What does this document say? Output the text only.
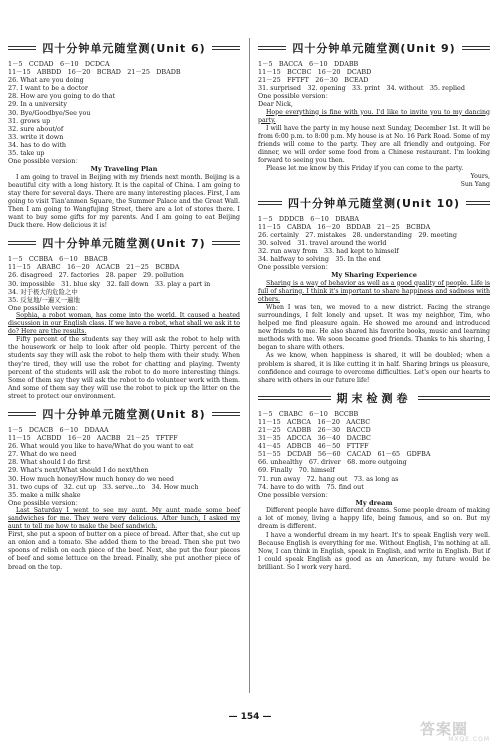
四十分钟单元随堂测(Unit 6)
1－5　CCDAD　6－10　DCDCA
11－15　ABBDD　16－20　BCBAD　21－25　DBADB
26. What are you doing
27. I want to be a doctor
28. How are you going to do that
29. In a university
30. Bye/Goodbye/See you
31. grows up
32. sure about/of
33. write it down
34. has to do with
35. take up
One possible version：
My Traveling Plan
I am going to travel in Beijing with my friends next month. Beijing is a beautiful city with a long history. It is the capital of China. I am going to stay there for several days. There are many interesting places. First, I am going to visit Tian'anmen Square, the Summer Palace and the Great Wall. Then I am going to Wangfujing Street, there are a lot of stores there. I want to buy some gifts for my parents. And I am going to eat Beijing Duck there. How delicious it is!
四十分钟单元随堂测(Unit 7)
1－5　CCBBA　6－10　BBACB
11－15　ABABC　16－20　ACACB　21－25　BCBDA
26. disagreed　27. factories　28. paper　29. pollution
30. impossible　31. blue sky　32. fall down　33. play a part in
34. 对于极大的危险之中
35. 反复地/一遍又一遍地
One possible version：
Sophia, a robot woman, has come into the world. It caused a heated discussion in our English class. If we have a robot, what shall we ask it to do? Here are the results.
Fifty percent of the students say they will ask the robot to help with the housework or help to look after old people. Thirty percent of the students say they will ask the robot to help them with their study. When they're tired, they will use the robot for chatting and playing. Twenty percent of the students will ask the robot to do more interesting things. Some of them say they will ask the robot to do volunteer work with them. And some of them say they will use the robot to pick up the litter on the street to protect our environment.
四十分钟单元随堂测(Unit 8)
1－5　DCACB　6－10　DDAAA
11－15　ACBDD　16－20　AACBB　21－25　TFTFF
26. What would you like to have/What do you want to eat
27. What do we need
28. What should I do first
29. What's next/What should I do next/then
30. How much honey/How much honey do we need
31. two cups of　32. cut up　33. serve...to　34. How much
35. make a milk shake
One possible version：
Last Saturday I went to see my aunt. My aunt made some beef sandwiches for me. They were very delicious. After lunch, I asked my aunt to tell me how to make the beef sandwich.
First, she put a spoon of butter on a piece of bread. After that, she cut up an onion and a tomato. She added them to the bread. Then she put two spoons of relish on each piece of the beef. Next, she put the four pieces of beef and some lettuce on the bread. Finally, she put another piece of bread on the top.
四十分钟单元随堂测(Unit 9)
1－5　BACCA　6－10　DDABB
11－15　BCCBC　16－20　DCABD
21－25　FFTFT　26－30　BCEAD
31. surprised　32. opening　33. print　34. without　35. replied
One possible version：
Dear Nick,
Hope everything is fine with you. I'd like to invite you to my dancing party.
I will have the party in my house next Sunday, December 1st. It will be from 6:00 p.m. to 8:00 p.m. My house is at No. 16 Park Road. Some of my friends will come to the party. They are all friendly and outgoing. For dinner, we will order some food from a Chinese restaurant. I'm looking forward to seeing you then.
Please let me know by this Friday if you can come to the party.
Yours,
Sun Yang
四十分钟单元随堂测(Unit 10)
1－5　DDDCB　6－10　DBABA
11－15　CABDA　16－20　BDDAB　21－25　BCBDA
26. certainly　27. mistakes　28. understanding　29. meeting
30. solved　31. travel around the world
32. run away from　33. had kept to himself
34. halfway to solving　35. In the end
One possible version：
My Sharing Experience
Sharing is a way of behavior as well as a good quality of people. Life is full of sharing. I think it's important to share happiness and sadness with others.
When I was ten, we moved to a new district. Facing the strange surroundings, I felt lonely and upset. It was my neighbor, Tim, who helped me find pleasure again. He showed me around and introduced new friends to me. He also shared his favorite books, music and learning methods with me. We soon became good friends. Thanks to his sharing, I began to share with others.
As we know, when happiness is shared, it will be doubled; when a problem is shared, it is like cutting it in half. Sharing brings us pleasure, confidence and courage to overcome difficulties. Let's open our hearts to share with others in our future life!
期末检测卷
1－5　CBABC　6－10　BCCBB
11－15　ACBCA　16－20　AACBC
21－25　CADBB　26－30　BACCD
31－35　ADCCA　36－40　DACBC
41－45　ADBCB　46－50　FTTFF
51－55　DCDAB　56－60　CACAD　61－65　GDFBA
66. unhealthy　67. driver　68. more outgoing
69. Finally　70. himself
71. run away　72. hang out　73. as long as
74. have to do with　75. find out
One possible version：
My dream
Different people have different dreams. Some people dream of making a lot of money, living a happy life, being famous, and so on. But my dream is different.
I have a wonderful dream in my heart. It's to speak English very well. Because English is everything for me. Without English, I'm nothing at all. Now, I can think in English, speak in English, and write in English. But if I could speak English as good as an American, my future would be brilliant. So I work very hard.
— 154 —
答案圈
MXQE.COM
